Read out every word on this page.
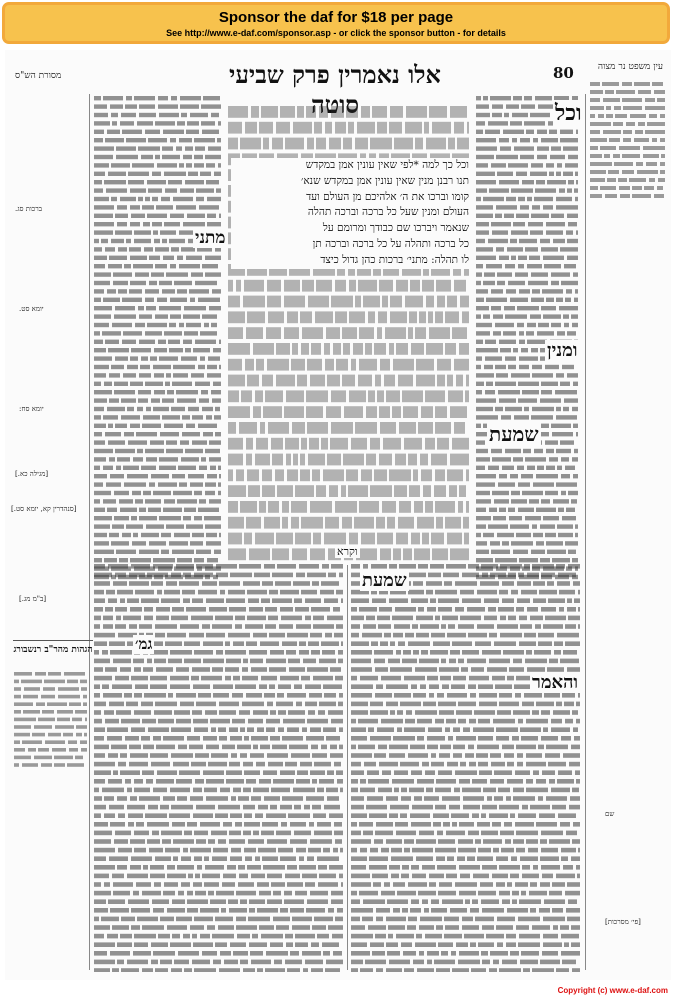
Sponsor the daf for $18 per page
See http://www.e-daf.com/sponsor.asp - or click the sponsor button - for details
מסורת הש"ס	אלו נאמרין פרק שביעי סוטה
80	עין משפט נר מצוה
וכל
ומנין
שמעת
שמעת
והאמר
מתני
גמ׳
וכל כך למה *לפי שאין עונין אמן במקדש
תנו רבנן מנין שאין עונין אמן במקדש שנא׳
קומו וברכו את ה׳ אלהיכם מן העולם ועד
העולם ומנין שעל כל ברכה וברכה תהלה
שנאמר ויברכו שם כבודך ומרומם על
כל ברכה ותהלה על כל ברכה וברכה תן
לו תהלה: מתני׳ ברכות כהן גדול כיצד
וקרא
ברכות סג.
יומא סט.
יומא סח:
[מגילה כא.]
[סנהדרין קא, יומא סט.]
[ב"מ מג.]
שם
[פי׳ מסרכות]
הגהות מהר"ב רנשבורג
Copyright (c) www.e-daf.com
